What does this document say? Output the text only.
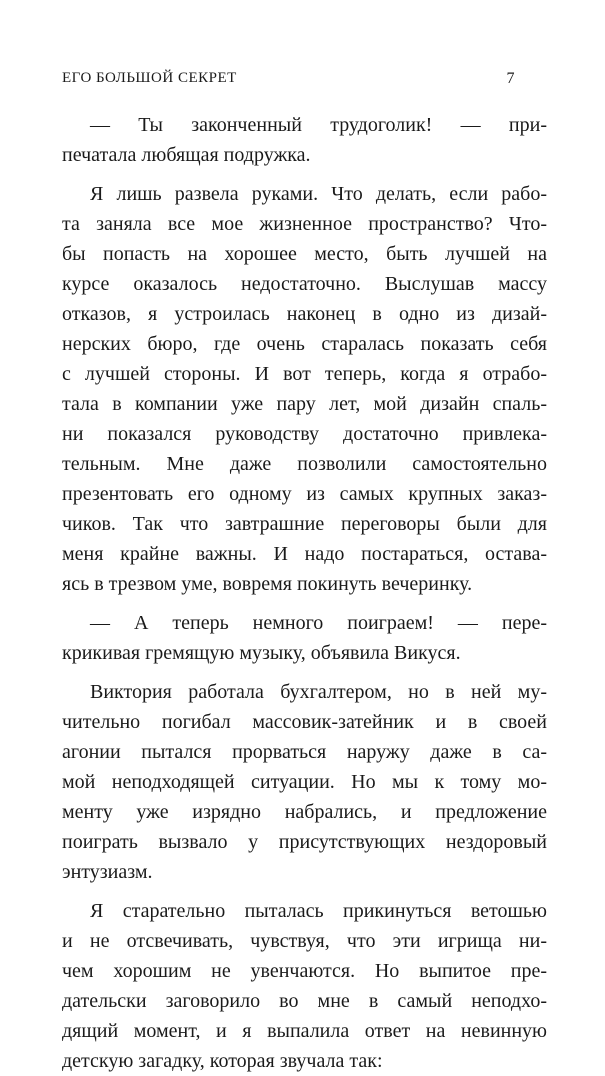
ЕГО БОЛЬШОЙ СЕКРЕТ	7
— Ты законченный трудоголик! — при-
печатала любящая подружка.
Я лишь развела руками. Что делать, если рабо-
та заняла все мое жизненное пространство? Что-
бы попасть на хорошее место, быть лучшей на
курсе оказалось недостаточно. Выслушав массу
отказов, я устроилась наконец в одно из дизай-
нерских бюро, где очень старалась показать себя
с лучшей стороны. И вот теперь, когда я отрабо-
тала в компании уже пару лет, мой дизайн спаль-
ни показался руководству достаточно привлека-
тельным. Мне даже позволили самостоятельно
презентовать его одному из самых крупных заказ-
чиков. Так что завтрашние переговоры были для
меня крайне важны. И надо постараться, остава-
ясь в трезвом уме, вовремя покинуть вечеринку.
— А теперь немного поиграем! — пере-
крикивая гремящую музыку, объявила Викуся.
Виктория работала бухгалтером, но в ней му-
чительно погибал массовик-затейник и в своей
агонии пытался прорваться наружу даже в са-
мой неподходящей ситуации. Но мы к тому мо-
менту уже изрядно набрались, и предложение
поиграть вызвало у присутствующих нездоровый
энтузиазм.
Я старательно пыталась прикинуться ветошью
и не отсвечивать, чувствуя, что эти игрища ни-
чем хорошим не увенчаются. Но выпитое пре-
дательски заговорило во мне в самый неподхо-
дящий момент, и я выпалила ответ на невинную
детскую загадку, которая звучала так:
